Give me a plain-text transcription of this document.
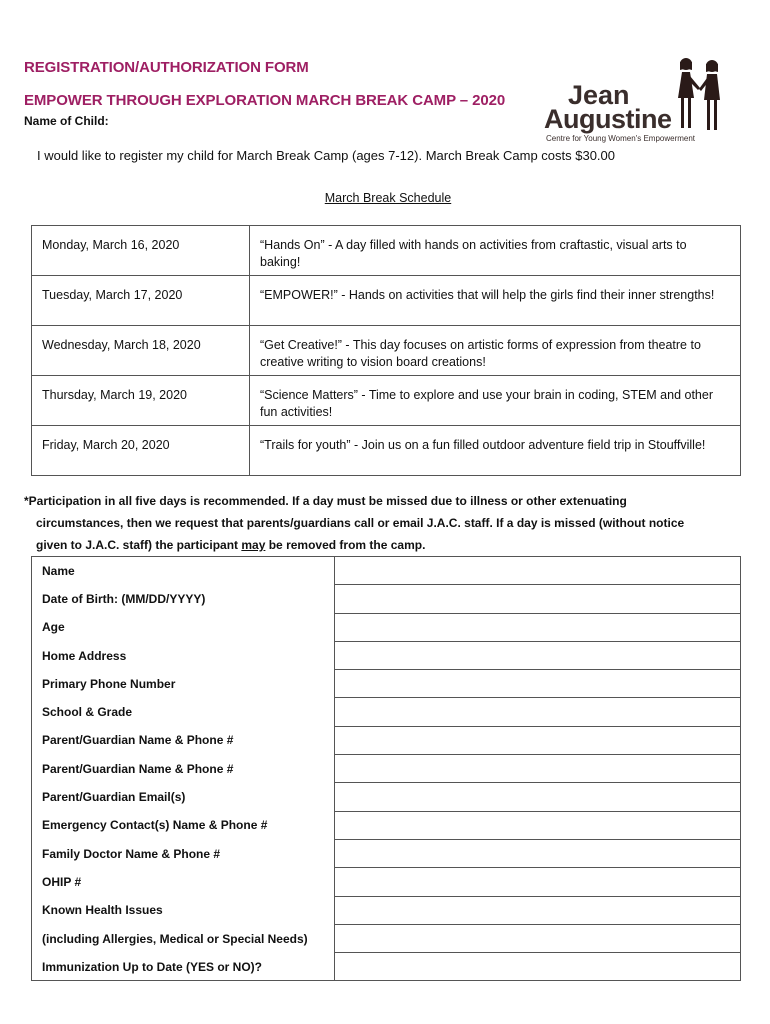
REGISTRATION/AUTHORIZATION FORM
EMPOWER THROUGH EXPLORATION MARCH BREAK CAMP – 2020
Name of Child:
Jean
Augustine
Centre for Young Women's Empowerment
I would like to register my child for March Break Camp (ages 7-12). March Break Camp costs $30.00
March Break Schedule
Monday, March 16, 2020	“Hands On” - A day filled with hands on activities from craftastic, visual arts to baking!
Tuesday, March 17, 2020	“EMPOWER!” - Hands on activities that will help the girls find their inner strengths!
Wednesday, March 18, 2020	“Get Creative!” - This day focuses on artistic forms of expression from theatre to creative writing to vision board creations!
Thursday, March 19, 2020	“Science Matters” - Time to explore and use your brain in coding, STEM and other fun activities!
Friday, March 20, 2020	“Trails for youth” - Join us on a fun filled outdoor adventure field trip in Stouffville!
*Participation in all five days is recommended. If a day must be missed due to illness or other extenuating
circumstances, then we request that parents/guardians call or email J.A.C. staff. If a day is missed (without notice
given to J.A.C. staff) the participant may be removed from the camp.
Name	
Date of Birth: (MM/DD/YYYY)	
Age	
Home Address	
Primary Phone Number	
School & Grade	
Parent/Guardian Name & Phone #	
Parent/Guardian Name & Phone #	
Parent/Guardian Email(s)	
Emergency Contact(s) Name & Phone #	
Family Doctor Name & Phone #	
OHIP #	
Known Health Issues	
(including Allergies, Medical or Special Needs)	
Immunization Up to Date (YES or NO)?	
